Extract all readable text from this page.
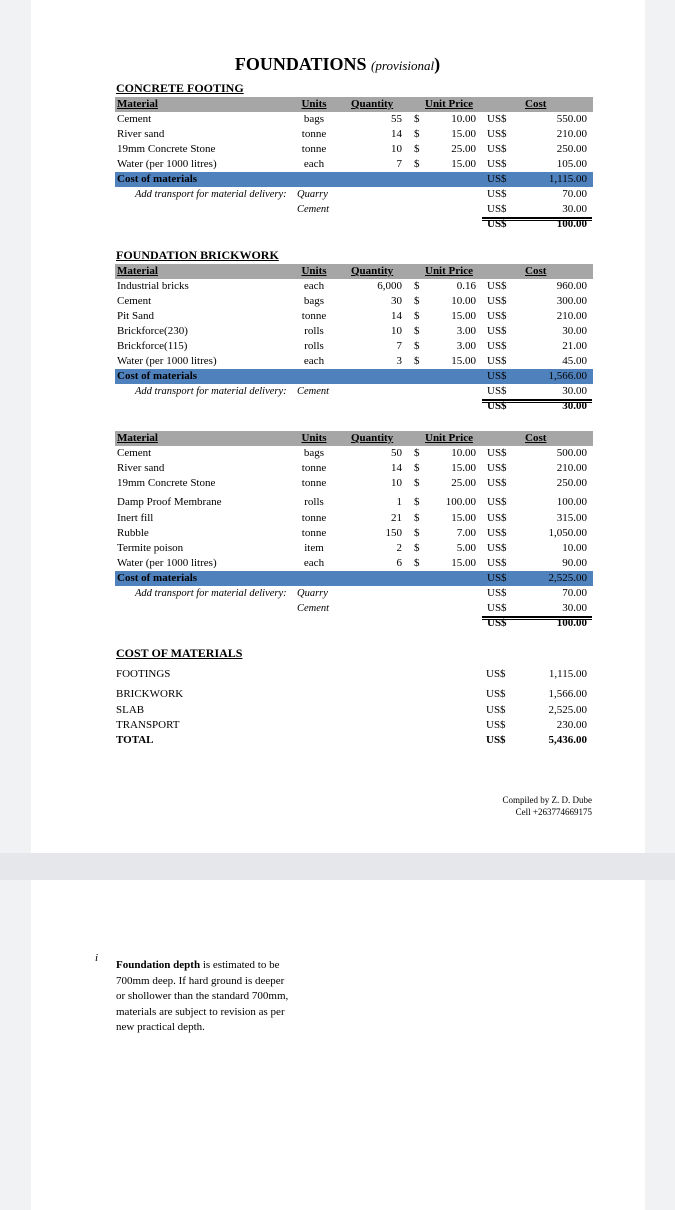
FOUNDATIONS (provisional)
CONCRETE FOOTING
Material	Units	Quantity	Unit Price	Cost
Cement	bags	55 $	10.00 US$	550.00
River sand	tonne	14 $	15.00 US$	210.00
19mm Concrete Stone	tonne	10 $	25.00 US$	250.00
Water (per 1000 litres)	each	7 $	15.00 US$	105.00
Cost of materials	US$	1,115.00
Add transport for material delivery: Quarry	US$	70.00
Cement	US$	30.00
US$	100.00
FOUNDATION BRICKWORK
Material	Units	Quantity	Unit Price	Cost
Industrial bricks	each	6,000 $	0.16 US$	960.00
Cement	bags	30 $	10.00 US$	300.00
Pit Sand	tonne	14 $	15.00 US$	210.00
Brickforce(230)	rolls	10 $	3.00 US$	30.00
Brickforce(115)	rolls	7 $	3.00 US$	21.00
Water (per 1000 litres)	each	3 $	15.00 US$	45.00
Cost of materials	US$	1,566.00
Add transport for material delivery: Cement	US$	30.00
US$	30.00
Material	Units	Quantity	Unit Price	Cost
Cement	bags	50 $	10.00 US$	500.00
River sand	tonne	14 $	15.00 US$	210.00
19mm Concrete Stone	tonne	10 $	25.00 US$	250.00
Damp Proof Membrane	rolls	1 $	100.00 US$	100.00
Inert fill	tonne	21 $	15.00 US$	315.00
Rubble	tonne	150 $	7.00 US$	1,050.00
Termite poison	item	2 $	5.00 US$	10.00
Water (per 1000 litres)	each	6 $	15.00 US$	90.00
Cost of materials	US$	2,525.00
Add transport for material delivery: Quarry	US$	70.00
Cement	US$	30.00
US$	100.00
COST OF MATERIALS
FOOTINGS	US$	1,115.00
BRICKWORK	US$	1,566.00
SLAB	US$	2,525.00
TRANSPORT	US$	230.00
TOTAL	US$	5,436.00
Compiled by Z. D. Dube
Cell +263774669175
i
Foundation depth is estimated to be 700mm deep. If hard ground is deeper or shollower than the standard 700mm, materials are subject to revision as per new practical depth.
